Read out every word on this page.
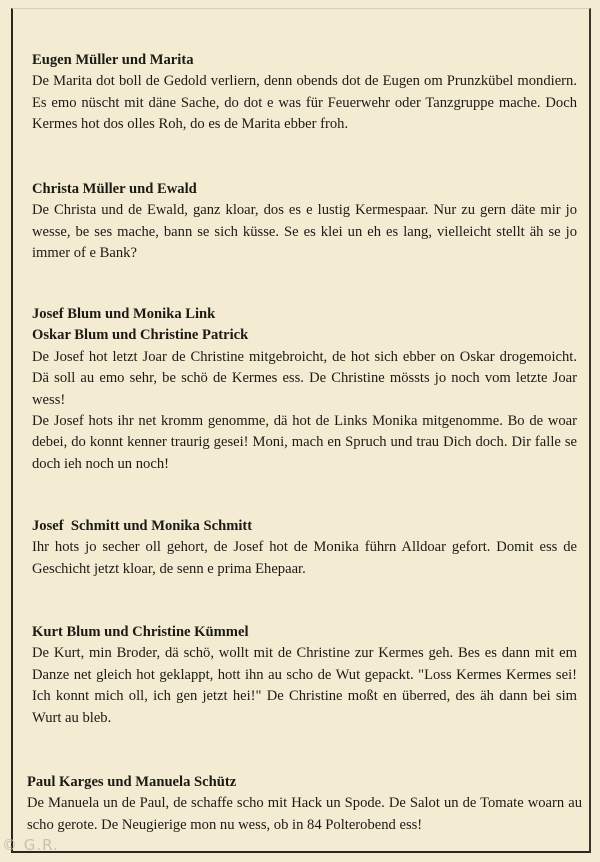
Eugen Müller und Marita

De Marita dot boll de Gedold verliern, denn obends dot de Eugen om Prunzkübel mondiern. Es emo nüscht mit däne Sache, do dot e was für Feuerwehr oder Tanzgruppe mache. Doch Kermes hot dos olles Roh, do es de Marita ebber froh.

Christa Müller und Ewald

De Christa und de Ewald, ganz kloar, dos es e lustig Kermespaar. Nur zu gern däte mir jo wesse, be ses mache, bann se sich küsse. Se es klei un eh es lang, vielleicht stellt äh se jo immer of e Bank?

Josef Blum und Monika Link
Oskar Blum und Christine Patrick

De Josef hot letzt Joar de Christine mitgebroicht, de hot sich ebber on Oskar drogemoicht. Dä soll au emo sehr, be schö de Kermes ess. De Christine mössts jo noch vom letzte Joar wess!

De Josef hots ihr net kromm genomme, dä hot de Links Monika mitgenomme. Bo de woar debei, do konnt kenner traurig gesei! Moni, mach en Spruch und trau Dich doch. Dir falle se doch ieh noch un noch!

Josef  Schmitt und Monika Schmitt

Ihr hots jo secher oll gehort, de Josef hot de Monika führn Alldoar gefort. Domit ess de Geschicht jetzt kloar, de senn e prima Ehepaar.

Kurt Blum und Christine Kümmel

De Kurt, min Broder, dä schö, wollt mit de Christine zur Kermes geh. Bes es dann mit em Danze net gleich hot geklappt, hott ihn au scho de Wut gepackt. "Loss Kermes Kermes sei! Ich konnt mich oll, ich gen jetzt hei!" De Christine moßt en überred, des äh dann bei sim Wurt au bleb.

Paul Karges und Manuela Schütz

De Manuela un de Paul, de schaffe scho mit Hack un Spode. De Salot un de Tomate woarn au scho gerote. De Neugierige mon nu wess, ob in 84 Polterobend ess!

© G.R.
